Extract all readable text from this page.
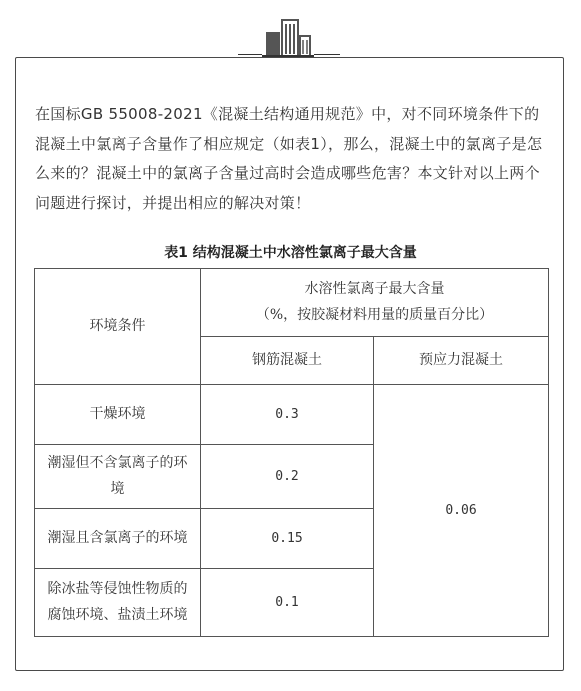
在国标GB 55008-2021《混凝土结构通用规范》中，对不同环境条件下的混凝土中氯离子含量作了相应规定（如表1），那么，混凝土中的氯离子是怎么来的？混凝土中的氯离子含量过高时会造成哪些危害？本文针对以上两个问题进行探讨，并提出相应的解决对策！

表1 结构混凝土中水溶性氯离子最大含量
环境条件	水溶性氯离子最大含量
（%，按胶凝材料用量的质量百分比）	

	钢筋混凝土	预应力混凝土
干燥环境	0.3	0.06
潮湿但不含氯离子的环境	0.2	
潮湿且含氯离子的环境	0.15	
除冰盐等侵蚀性物质的腐蚀环境、盐渍土环境	0.1	
